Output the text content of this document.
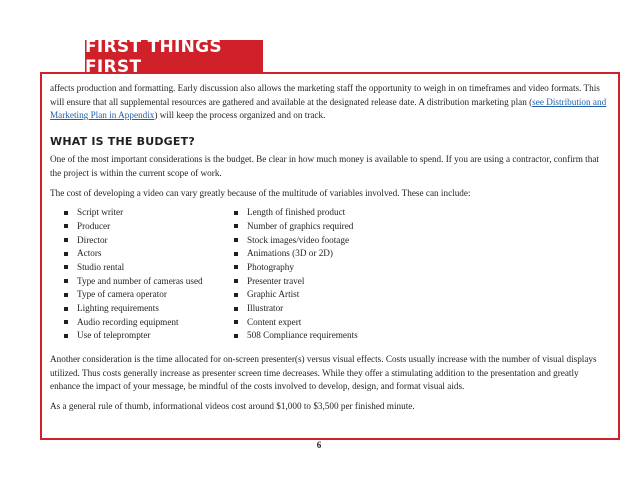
FIRST THINGS FIRST

affects production and formatting. Early discussion also allows the marketing staff the opportunity to weigh in on timeframes and video formats. This will ensure that all supplemental resources are gathered and available at the designated release date. A distribution marketing plan (see Distribution and Marketing Plan in Appendix) will keep the process organized and on track.

WHAT IS THE BUDGET?

One of the most important considerations is the budget. Be clear in how much money is available to spend. If you are using a contractor, confirm that the project is within the current scope of work.

The cost of developing a video can vary greatly because of the multitude of variables involved. These can include:

Script writer
Producer
Director
Actors
Studio rental
Type and number of cameras used
Type of camera operator
Lighting requirements
Audio recording equipment
Use of teleprompter
Length of finished product
Number of graphics required
Stock images/video footage
Animations (3D or 2D)
Photography
Presenter travel
Graphic Artist
Illustrator
Content expert
508 Compliance requirements

Another consideration is the time allocated for on-screen presenter(s) versus visual effects. Costs usually increase with the number of visual displays utilized. Thus costs generally increase as presenter screen time decreases. While they offer a stimulating addition to the presentation and greatly enhance the impact of your message, be mindful of the costs involved to develop, design, and format visual aids.

As a general rule of thumb, informational videos cost around $1,000 to $3,500 per finished minute.

6
